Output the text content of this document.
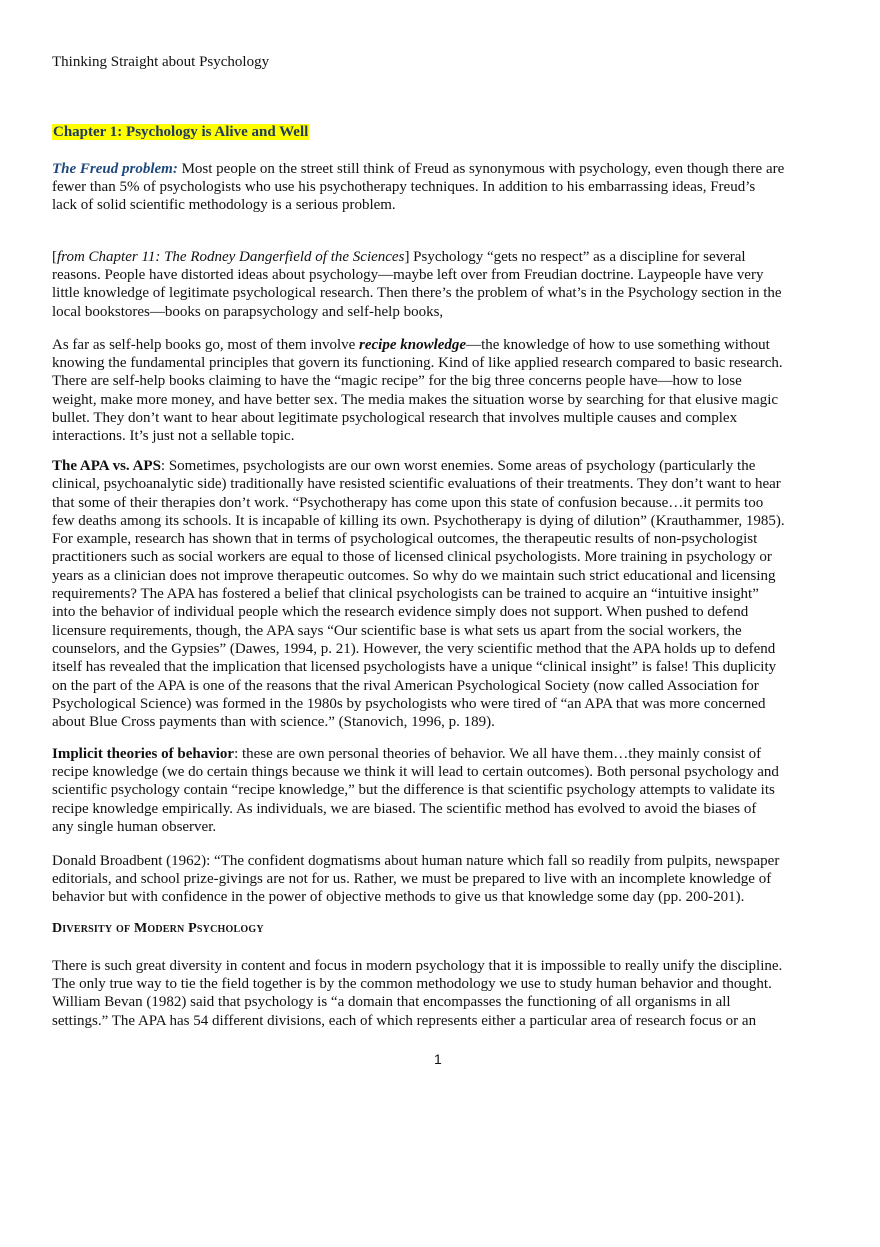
Thinking Straight about Psychology
Chapter 1: Psychology is Alive and Well
The Freud problem: Most people on the street still think of Freud as synonymous with psychology, even though there are
fewer than 5% of psychologists who use his psychotherapy techniques. In addition to his embarrassing ideas, Freud’s
lack of solid scientific methodology is a serious problem.
[from Chapter 11: The Rodney Dangerfield of the Sciences] Psychology “gets no respect” as a discipline for several
reasons. People have distorted ideas about psychology—maybe left over from Freudian doctrine. Laypeople have very
little knowledge of legitimate psychological research. Then there’s the problem of what’s in the Psychology section in the
local bookstores—books on parapsychology and self-help books,
As far as self-help books go, most of them involve recipe knowledge—the knowledge of how to use something without
knowing the fundamental principles that govern its functioning. Kind of like applied research compared to basic research.
There are self-help books claiming to have the “magic recipe” for the big three concerns people have—how to lose
weight, make more money, and have better sex. The media makes the situation worse by searching for that elusive magic
bullet. They don’t want to hear about legitimate psychological research that involves multiple causes and complex
interactions. It’s just not a sellable topic.
The APA vs. APS: Sometimes, psychologists are our own worst enemies. Some areas of psychology (particularly the
clinical, psychoanalytic side) traditionally have resisted scientific evaluations of their treatments. They don’t want to hear
that some of their therapies don’t work. “Psychotherapy has come upon this state of confusion because…it permits too
few deaths among its schools. It is incapable of killing its own. Psychotherapy is dying of dilution” (Krauthammer, 1985).
For example, research has shown that in terms of psychological outcomes, the therapeutic results of non-psychologist
practitioners such as social workers are equal to those of licensed clinical psychologists. More training in psychology or
years as a clinician does not improve therapeutic outcomes. So why do we maintain such strict educational and licensing
requirements? The APA has fostered a belief that clinical psychologists can be trained to acquire an “intuitive insight”
into the behavior of individual people which the research evidence simply does not support. When pushed to defend
licensure requirements, though, the APA says “Our scientific base is what sets us apart from the social workers, the
counselors, and the Gypsies” (Dawes, 1994, p. 21). However, the very scientific method that the APA holds up to defend
itself has revealed that the implication that licensed psychologists have a unique “clinical insight” is false! This duplicity
on the part of the APA is one of the reasons that the rival American Psychological Society (now called Association for
Psychological Science) was formed in the 1980s by psychologists who were tired of “an APA that was more concerned
about Blue Cross payments than with science.” (Stanovich, 1996, p. 189).
Implicit theories of behavior: these are own personal theories of behavior. We all have them…they mainly consist of
recipe knowledge (we do certain things because we think it will lead to certain outcomes). Both personal psychology and
scientific psychology contain “recipe knowledge,” but the difference is that scientific psychology attempts to validate its
recipe knowledge empirically. As individuals, we are biased. The scientific method has evolved to avoid the biases of
any single human observer.
Donald Broadbent (1962): “The confident dogmatisms about human nature which fall so readily from pulpits, newspaper
editorials, and school prize-givings are not for us. Rather, we must be prepared to live with an incomplete knowledge of
behavior but with confidence in the power of objective methods to give us that knowledge some day (pp. 200-201).
Diversity of Modern Psychology
There is such great diversity in content and focus in modern psychology that it is impossible to really unify the discipline.
The only true way to tie the field together is by the common methodology we use to study human behavior and thought.
William Bevan (1982) said that psychology is “a domain that encompasses the functioning of all organisms in all
settings.” The APA has 54 different divisions, each of which represents either a particular area of research focus or an
1
